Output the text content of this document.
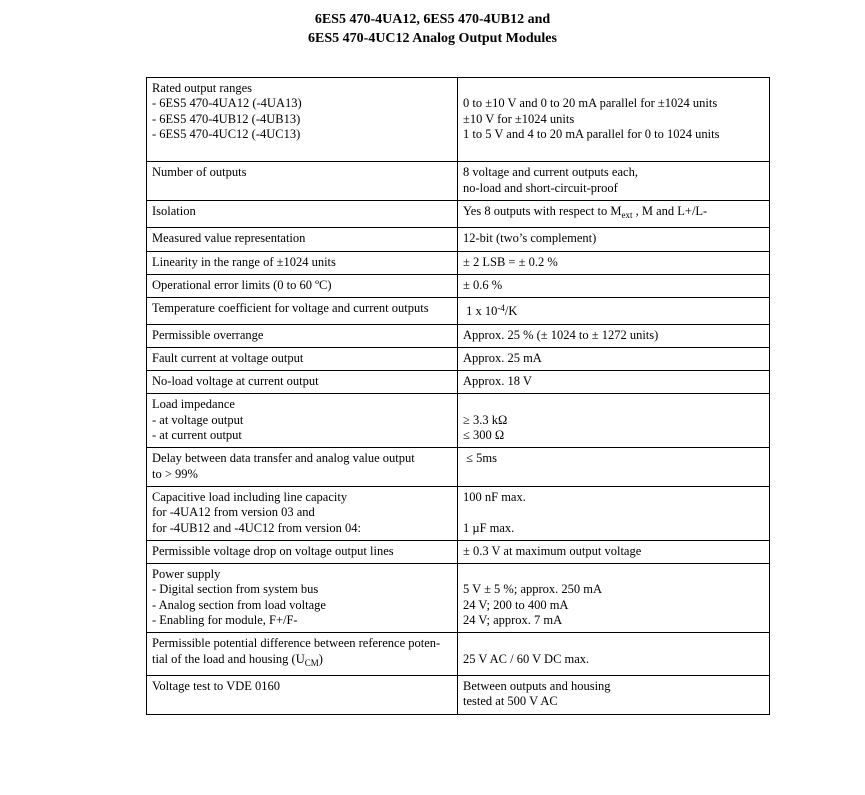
6ES5 470-4UA12, 6ES5 470-4UB12 and
6ES5 470-4UC12 Analog Output Modules
Rated output ranges
- 6ES5 470-4UA12 (-4UA13)
- 6ES5 470-4UB12 (-4UB13)
- 6ES5 470-4UC12 (-4UC13)	0 to ±10 V and 0 to 20 mA parallel for ±1024 units
±10 V for ±1024 units
1 to 5 V and 4 to 20 mA parallel for 0 to 1024 units

Number of outputs	8 voltage and current outputs each,
no-load and short-circuit-proof

Isolation	Yes 8 outputs with respect to $M_{ext}$ , M and L+/L-

Measured value representation	12-bit (two’s complement)

Linearity in the range of ±1024 units	± 2 LSB = ± 0.2 %

Operational error limits (0 to 60 ºC)	± 0.6 %

Temperature coefficient for voltage and current outputs	1 x $10^{-4}/K$

Permissible overrange	Approx. 25 % (± 1024 to ± 1272 units)

Fault current at voltage output	Approx. 25 mA

No-load voltage at current output	Approx. 18 V

Load impedance
- at voltage output
- at current output	≥ 3.3 kΩ
≤ 300 Ω

Delay between data transfer and analog value output
to > 99%	≤ 5ms

Capacitive load including line capacity
for -4UA12 from version 03 and
for -4UB12 and -4UC12 from version 04:	100 nF max.
1 µF max.

Permissible voltage drop on voltage output lines	± 0.3 V at maximum output voltage

Power supply
- Digital section from system bus
- Analog section from load voltage
- Enabling for module, F+/F-	5 V ± 5 %; approx. 250 mA
24 V; 200 to 400 mA
24 V; approx. 7 mA

Permissible potential difference between reference poten-
tial of the load and housing $(U_{CM})$	25 V AC / 60 V DC max.

Voltage test to VDE 0160	Between outputs and housing
tested at 500 V AC
